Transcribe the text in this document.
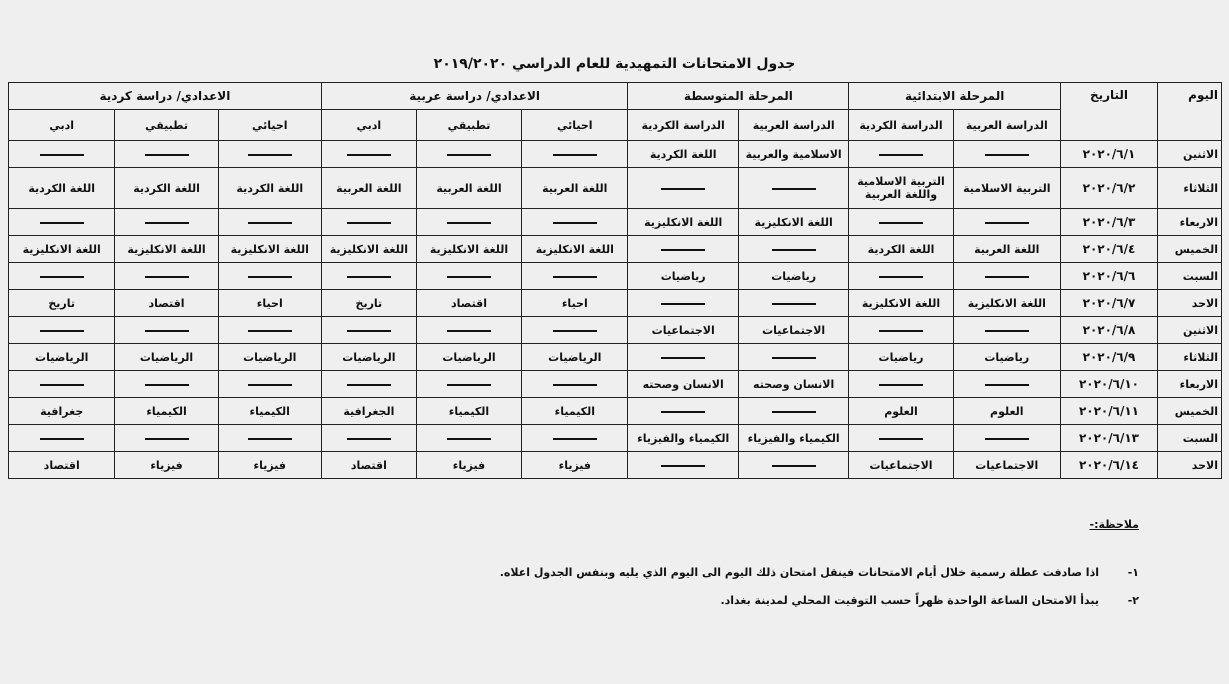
جدول الامتحانات التمهيدية للعام الدراسي ٢٠١٩/٢٠٢٠
اليوم	التاريخ	المرحلة الابتدائية		المرحلة المتوسطة		الاعدادي/ دراسة عربية			الاعدادي/ دراسة كردية		
		الدراسة العربية	الدراسة الكردية	الدراسة العربية	الدراسة الكردية	احيائي	تطبيقي	ادبي	احيائي	تطبيقي	ادبي
الاثنين	٢٠٢٠/٦/١			الاسلامية والعربية	اللغة الكردية						
الثلاثاء	٢٠٢٠/٦/٢	التربية الاسلامية	التربية الاسلامية واللغة العربية			اللغة العربية	اللغة العربية	اللغة العربية	اللغة الكردية	اللغة الكردية	اللغة الكردية
الاربعاء	٢٠٢٠/٦/٣			اللغة الانكليزية	اللغة الانكليزية						
الخميس	٢٠٢٠/٦/٤	اللغة العربية	اللغة الكردية			اللغة الانكليزية	اللغة الانكليزية	اللغة الانكليزية	اللغة الانكليزية	اللغة الانكليزية	اللغة الانكليزية
السبت	٢٠٢٠/٦/٦			رياضيات	رياضيات						
الاحد	٢٠٢٠/٦/٧	اللغة الانكليزية	اللغة الانكليزية			احياء	اقتصاد	تاريخ	احياء	اقتصاد	تاريخ
الاثنين	٢٠٢٠/٦/٨			الاجتماعيات	الاجتماعيات						
الثلاثاء	٢٠٢٠/٦/٩	رياضيات	رياضيات			الرياضيات	الرياضيات	الرياضيات	الرياضيات	الرياضيات	الرياضيات
الاربعاء	٢٠٢٠/٦/١٠			الانسان وصحته	الانسان وصحته						
الخميس	٢٠٢٠/٦/١١	العلوم	العلوم			الكيمياء	الكيمياء	الجغرافية	الكيمياء	الكيمياء	جغرافية
السبت	٢٠٢٠/٦/١٣			الكيمياء والفيزياء	الكيمياء والفيزياء						
الاحد	٢٠٢٠/٦/١٤	الاجتماعيات	الاجتماعيات			فيزياء	فيزياء	اقتصاد	فيزياء	فيزياء	اقتصاد
ملاحظة:-
١-
اذا صادفت عطلة رسمية خلال أيام الامتحانات فينقل امتحان ذلك اليوم الى اليوم الذي يليه وبنفس الجدول اعلاه.
٢-
يبدأ الامتحان الساعة الواحدة ظهراً حسب التوقيت المحلي لمدينة بغداد.
